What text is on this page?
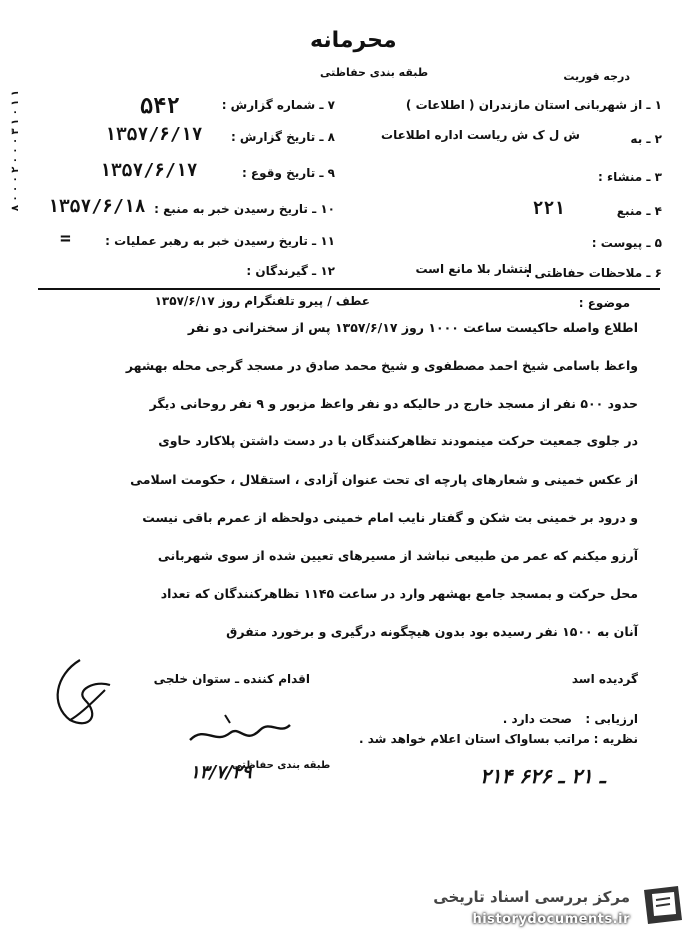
محرمانه
طبقه بندی حفاظتی	درجه فوریت
۸ ۰ ۰ ۰ ۲ ۰ ۰ ۰ ۳ ۱ ۰ ۱ ۱	۱ ـ از شهربانی استان مازندران ( اطلاعات )
۲ ـ به
ش ل ک ش ریاست اداره اطلاعات
۳ ـ منشاء :
۴ ـ منبع
۲۲۱
۵ ـ پیوست :
۶ ـ ملاحظات حفاظتی :
انتشار بلا مانع است
۷ ـ شماره گزارش :
۵۴۲
۸ ـ تاریخ گزارش :
۱۳۵۷/۶/۱۷
۹ ـ تاریخ وقوع :
۱۳۵۷/۶/۱۷
۱۰ ـ تاریخ رسیدن خبر به منبع :
۱۳۵۷/۶/۱۸
۱۱ ـ تاریخ رسیدن خبر به رهبر عملیات :
=
۱۲ ـ گیرندگان :
موضوع :
عطف / پیرو تلفنگرام روز ۱۳۵۷/۶/۱۷
اطلاع واصله حاکیست ساعت ۱۰۰۰ روز ۱۳۵۷/۶/۱۷ پس از سخنرانی دو نفر
واعظ باسامی شیخ احمد مصطفوی و شیخ محمد صادق در مسجد گرجی محله بهشهر
حدود ۵۰۰ نفر از مسجد خارج در حالیکه دو نفر واعظ مزبور و ۹ نفر روحانی دیگر
در جلوی جمعیت حرکت مینمودند تظاهرکنندگان با در دست داشتن پلاکارد حاوی
از عکس خمینی و شعارهای پارچه ای تحت عنوان آزادی ، استقلال ، حکومت اسلامی
و درود بر خمینی بت شکن و گفتار نایب امام خمینی دولحظه از عمرم باقی نیست
آرزو میکنم که عمر من طبیعی نباشد از مسیرهای تعیین شده از سوی شهربانی
محل حرکت و بمسجد جامع بهشهر وارد در ساعت ۱۱۴۵ تظاهرکنندگان که تعداد
آنان به ۱۵۰۰ نفر رسیده بود بدون هیچگونه درگیری و برخورد متفرق
گردیده اسد
اقدام کننده ـ ستوان خلجی
ارزیابی :
صحت دارد .
نظریه :
مراتب بساواک استان اعلام خواهد شد .
۱۳/۷/۲۹
طبقه بندی حفاظتی	۲۱۴ ـ ۲۱ ـ ۶۲۶
مرکز بررسی اسناد تاریخی
historydocuments.ir
